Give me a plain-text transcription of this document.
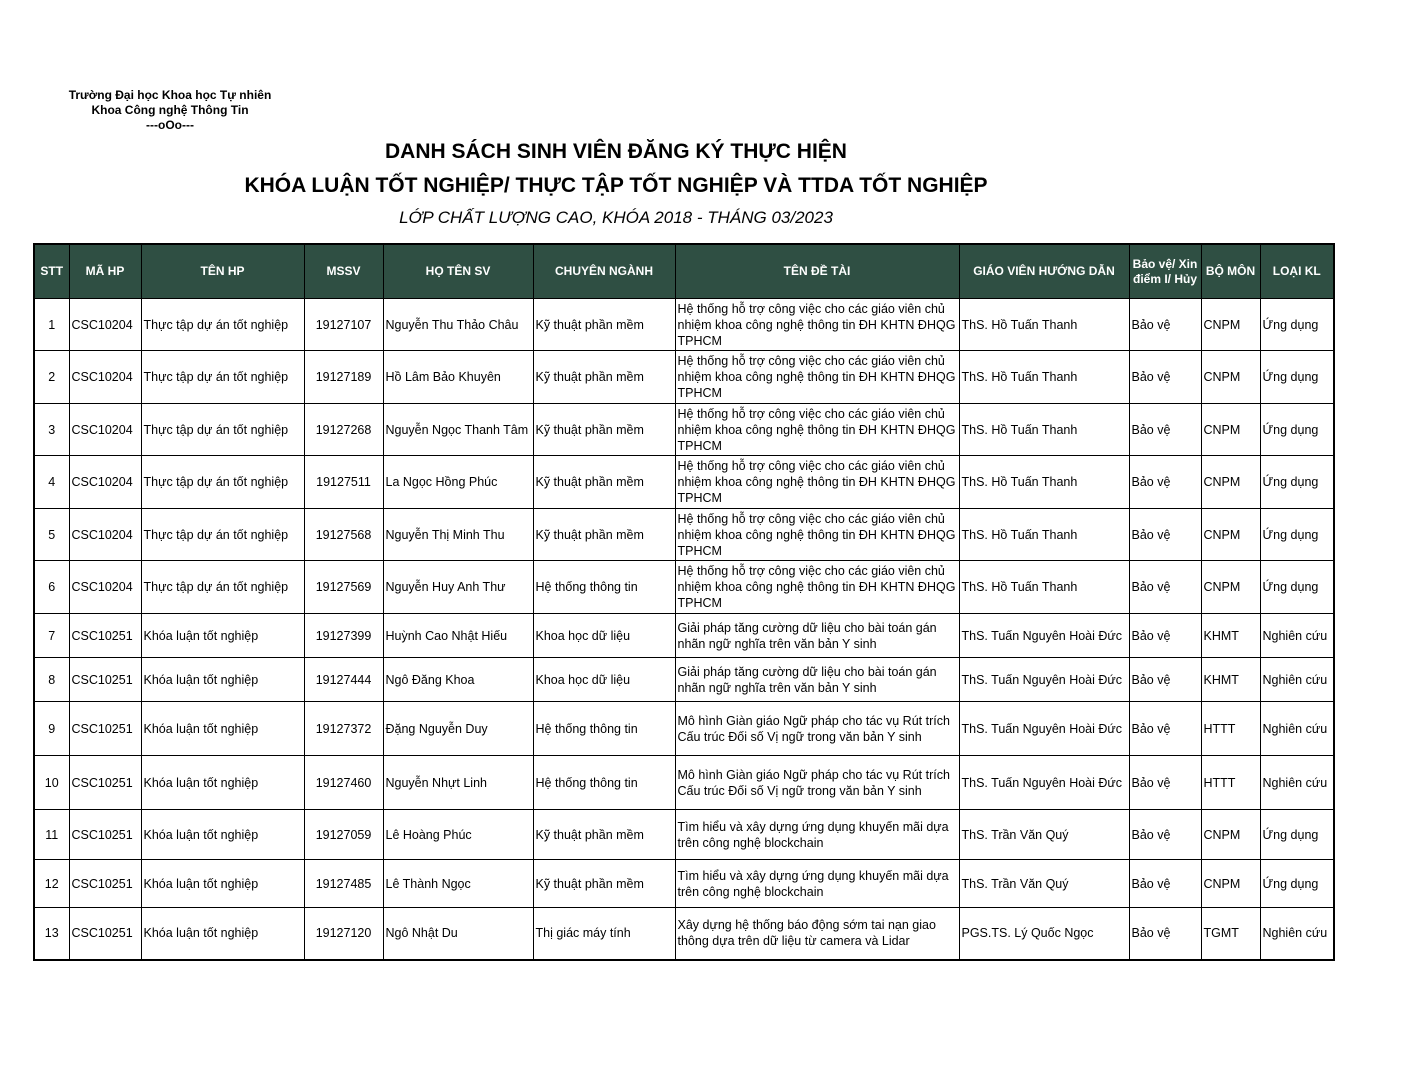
Trường Đại học Khoa học Tự nhiên
Khoa Công nghệ Thông Tin
---oOo---
DANH SÁCH SINH VIÊN ĐĂNG KÝ THỰC HIỆN
KHÓA LUẬN TỐT NGHIỆP/ THỰC TẬP TỐT NGHIỆP VÀ TTDA TỐT NGHIỆP
LỚP CHẤT LƯỢNG CAO, KHÓA 2018 - THÁNG 03/2023
STT	MÃ HP	TÊN HP	MSSV	HỌ TÊN SV	CHUYÊN NGÀNH	TÊN ĐỀ TÀI	GIÁO VIÊN HƯỚNG DẪN	Bảo vệ/ Xin điểm I/ Hủy	BỘ MÔN	LOẠI KL
1	CSC10204	Thực tập dự án tốt nghiệp	19127107	Nguyễn Thu Thảo Châu	Kỹ thuật phần mềm	Hệ thống hỗ trợ công việc cho các giáo viên chủ nhiệm khoa công nghệ thông tin ĐH KHTN ĐHQG TPHCM	ThS. Hồ Tuấn Thanh	Bảo vệ	CNPM	Ứng dụng
2	CSC10204	Thực tập dự án tốt nghiệp	19127189	Hồ Lâm Bảo Khuyên	Kỹ thuật phần mềm	Hệ thống hỗ trợ công việc cho các giáo viên chủ nhiệm khoa công nghệ thông tin ĐH KHTN ĐHQG TPHCM	ThS. Hồ Tuấn Thanh	Bảo vệ	CNPM	Ứng dụng
3	CSC10204	Thực tập dự án tốt nghiệp	19127268	Nguyễn Ngọc Thanh Tâm	Kỹ thuật phần mềm	Hệ thống hỗ trợ công việc cho các giáo viên chủ nhiệm khoa công nghệ thông tin ĐH KHTN ĐHQG TPHCM	ThS. Hồ Tuấn Thanh	Bảo vệ	CNPM	Ứng dụng
4	CSC10204	Thực tập dự án tốt nghiệp	19127511	La Ngọc Hồng Phúc	Kỹ thuật phần mềm	Hệ thống hỗ trợ công việc cho các giáo viên chủ nhiệm khoa công nghệ thông tin ĐH KHTN ĐHQG TPHCM	ThS. Hồ Tuấn Thanh	Bảo vệ	CNPM	Ứng dụng
5	CSC10204	Thực tập dự án tốt nghiệp	19127568	Nguyễn Thị Minh Thu	Kỹ thuật phần mềm	Hệ thống hỗ trợ công việc cho các giáo viên chủ nhiệm khoa công nghệ thông tin ĐH KHTN ĐHQG TPHCM	ThS. Hồ Tuấn Thanh	Bảo vệ	CNPM	Ứng dụng
6	CSC10204	Thực tập dự án tốt nghiệp	19127569	Nguyễn Huy Anh Thư	Hệ thống thông tin	Hệ thống hỗ trợ công việc cho các giáo viên chủ nhiệm khoa công nghệ thông tin ĐH KHTN ĐHQG TPHCM	ThS. Hồ Tuấn Thanh	Bảo vệ	CNPM	Ứng dụng
7	CSC10251	Khóa luận tốt nghiệp	19127399	Huỳnh Cao Nhật Hiếu	Khoa học dữ liệu	Giải pháp tăng cường dữ liệu cho bài toán gán nhãn ngữ nghĩa trên văn bản Y sinh	ThS. Tuấn Nguyên Hoài Đức	Bảo vệ	KHMT	Nghiên cứu
8	CSC10251	Khóa luận tốt nghiệp	19127444	Ngô Đăng Khoa	Khoa học dữ liệu	Giải pháp tăng cường dữ liệu cho bài toán gán nhãn ngữ nghĩa trên văn bản Y sinh	ThS. Tuấn Nguyên Hoài Đức	Bảo vệ	KHMT	Nghiên cứu
9	CSC10251	Khóa luận tốt nghiệp	19127372	Đặng Nguyễn Duy	Hệ thống thông tin	Mô hình Giàn giáo Ngữ pháp cho tác vụ Rút trích Cấu trúc Đối số Vị ngữ trong văn bản Y sinh	ThS. Tuấn Nguyên Hoài Đức	Bảo vệ	HTTT	Nghiên cứu
10	CSC10251	Khóa luận tốt nghiệp	19127460	Nguyễn Nhựt Linh	Hệ thống thông tin	Mô hình Giàn giáo Ngữ pháp cho tác vụ Rút trích Cấu trúc Đối số Vị ngữ trong văn bản Y sinh	ThS. Tuấn Nguyên Hoài Đức	Bảo vệ	HTTT	Nghiên cứu
11	CSC10251	Khóa luận tốt nghiệp	19127059	Lê Hoàng Phúc	Kỹ thuật phần mềm	Tìm hiểu và xây dựng ứng dụng khuyến mãi dựa trên công nghệ blockchain	ThS. Trần Văn Quý	Bảo vệ	CNPM	Ứng dụng
12	CSC10251	Khóa luận tốt nghiệp	19127485	Lê Thành Ngọc	Kỹ thuật phần mềm	Tìm hiểu và xây dựng ứng dụng khuyến mãi dựa trên công nghệ blockchain	ThS. Trần Văn Quý	Bảo vệ	CNPM	Ứng dụng
13	CSC10251	Khóa luận tốt nghiệp	19127120	Ngô Nhật Du	Thị giác máy tính	Xây dựng hệ thống báo động sớm tai nạn giao thông dựa trên dữ liệu từ camera và Lidar	PGS.TS. Lý Quốc Ngọc	Bảo vệ	TGMT	Nghiên cứu
